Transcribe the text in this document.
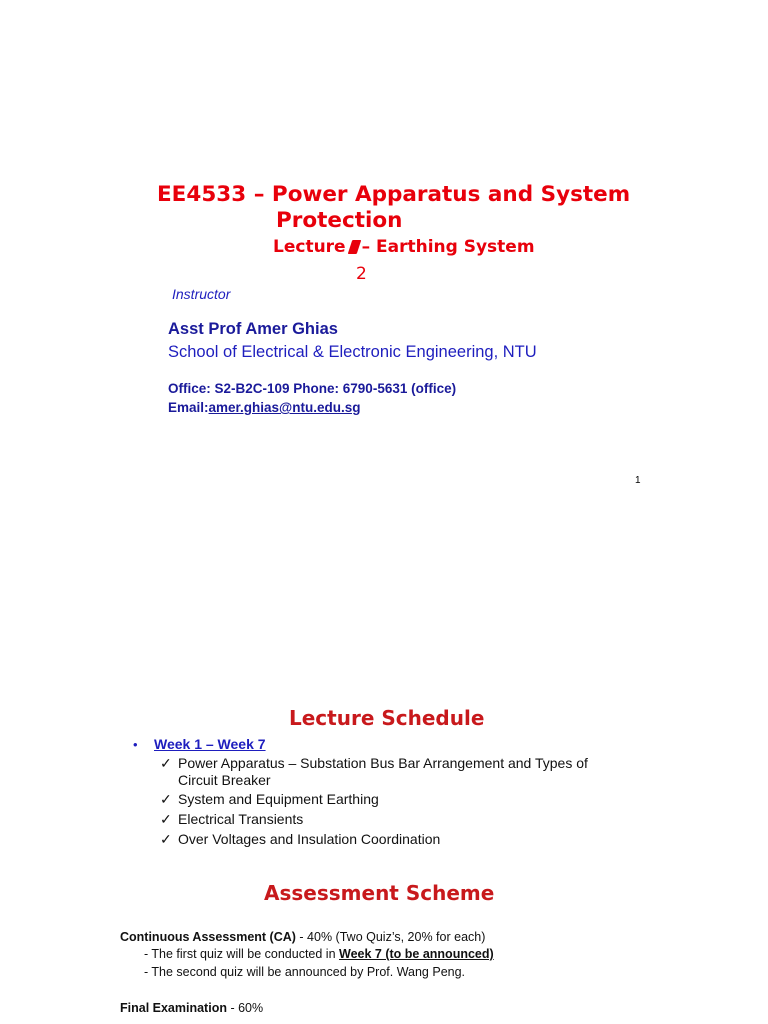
EE4533 – Power Apparatus and System
Protection
Lecture – Earthing System
2
Instructor
Asst Prof Amer Ghias
School of Electrical & Electronic Engineering, NTU
Office: S2-B2C-109 Phone: 6790-5631 (office)
Email:amer.ghias@ntu.edu.sg
1
Lecture Schedule
• Week 1 – Week 7
✓ Power Apparatus – Substation Bus Bar Arrangement and Types of
Circuit Breaker
✓ System and Equipment Earthing
✓ Electrical Transients
✓ Over Voltages and Insulation Coordination
Assessment Scheme
Continuous Assessment (CA) - 40% (Two Quiz’s, 20% for each)
- The first quiz will be conducted in Week 7 (to be announced)
- The second quiz will be announced by Prof. Wang Peng.
Final Examination - 60%
